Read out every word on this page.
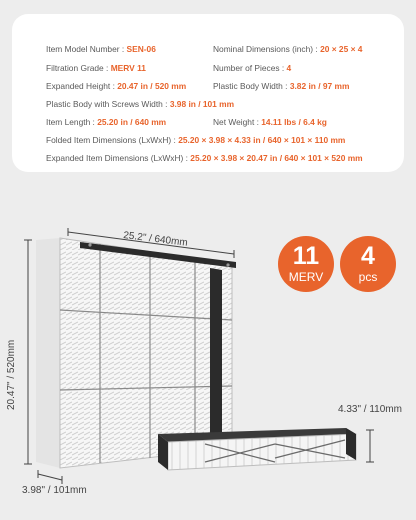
Item Model Number : SEN-06
Filtration Grade : MERV 11
Expanded Height : 20.47 in / 520 mm
Plastic Body with Screws Width : 3.98 in / 101 mm
Item Length : 25.20 in / 640 mm
Folded Item Dimensions (LxWxH) : 25.20 × 3.98 × 4.33 in / 640 × 101 × 110 mm
Expanded Item Dimensions (LxWxH) : 25.20 × 3.98 × 20.47 in / 640 × 101 × 520 mm
Nominal Dimensions (inch) : 20 × 25 × 4
Number of Pieces : 4
Plastic Body Width : 3.82 in / 97 mm
Net Weight : 14.11 lbs / 6.4 kg
11
MERV
4
pcs
25.2" / 640mm
20.47" / 520mm
3.98" / 101mm
4.33" / 110mm
